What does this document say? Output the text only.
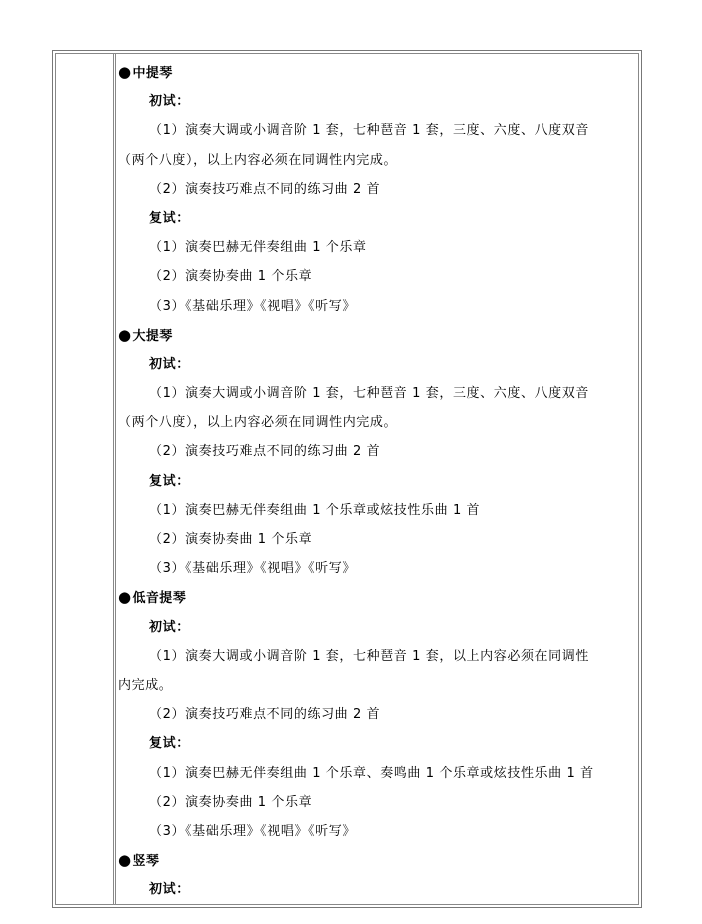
●中提琴
初试：
（1）演奏大调或小调音阶 1 套，七种琶音 1 套，三度、六度、八度双音
（两个八度），以上内容必须在同调性内完成。
（2）演奏技巧难点不同的练习曲 2 首
复试：
（1）演奏巴赫无伴奏组曲 1 个乐章
（2）演奏协奏曲 1 个乐章
（3）《基础乐理》《视唱》《听写》
●大提琴
初试：
（1）演奏大调或小调音阶 1 套，七种琶音 1 套，三度、六度、八度双音
（两个八度），以上内容必须在同调性内完成。
（2）演奏技巧难点不同的练习曲 2 首
复试：
（1）演奏巴赫无伴奏组曲 1 个乐章或炫技性乐曲 1 首
（2）演奏协奏曲 1 个乐章
（3）《基础乐理》《视唱》《听写》
●低音提琴
初试：
（1）演奏大调或小调音阶 1 套，七种琶音 1 套，以上内容必须在同调性
内完成。
（2）演奏技巧难点不同的练习曲 2 首
复试：
（1）演奏巴赫无伴奏组曲 1 个乐章、奏鸣曲 1 个乐章或炫技性乐曲 1 首
（2）演奏协奏曲 1 个乐章
（3）《基础乐理》《视唱》《听写》
●竖琴
初试：
